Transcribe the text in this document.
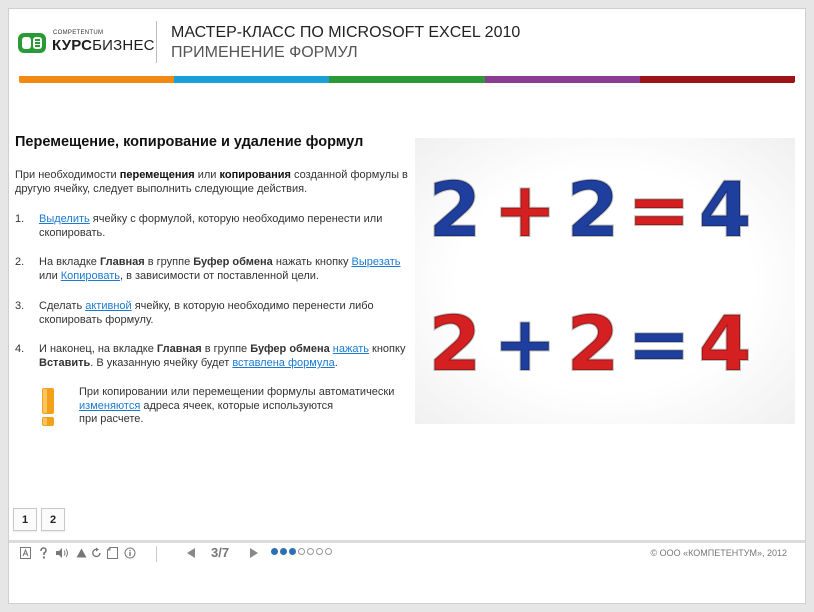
COMPETENTUM
КУРСБИЗНЕС
МАСТЕР-КЛАСС ПО MICROSOFT EXCEL 2010
ПРИМЕНЕНИЕ ФОРМУЛ
Перемещение, копирование и удаление формул
При необходимости перемещения или копирования созданной формулы в другую ячейку, следует выполнить следующие действия.
1. Выделить ячейку с формулой, которую необходимо перенести или скопировать.
2. На вкладке Главная в группе Буфер обмена нажать кнопку Вырезать или Копировать, в зависимости от поставленной цели.
3. Сделать активной ячейку, в которую необходимо перенести либо скопировать формулу.
4. И наконец, на вкладке Главная в группе Буфер обмена нажать кнопку Вставить. В указанную ячейку будет вставлена формула.
При копировании или перемещении формулы автоматически
изменяются адреса ячеек, которые используются
при расчете.
2 + 2 = 4
2 + 2 = 4
1	2
3/7	© ООО «КОМПЕТЕНТУМ», 2012
